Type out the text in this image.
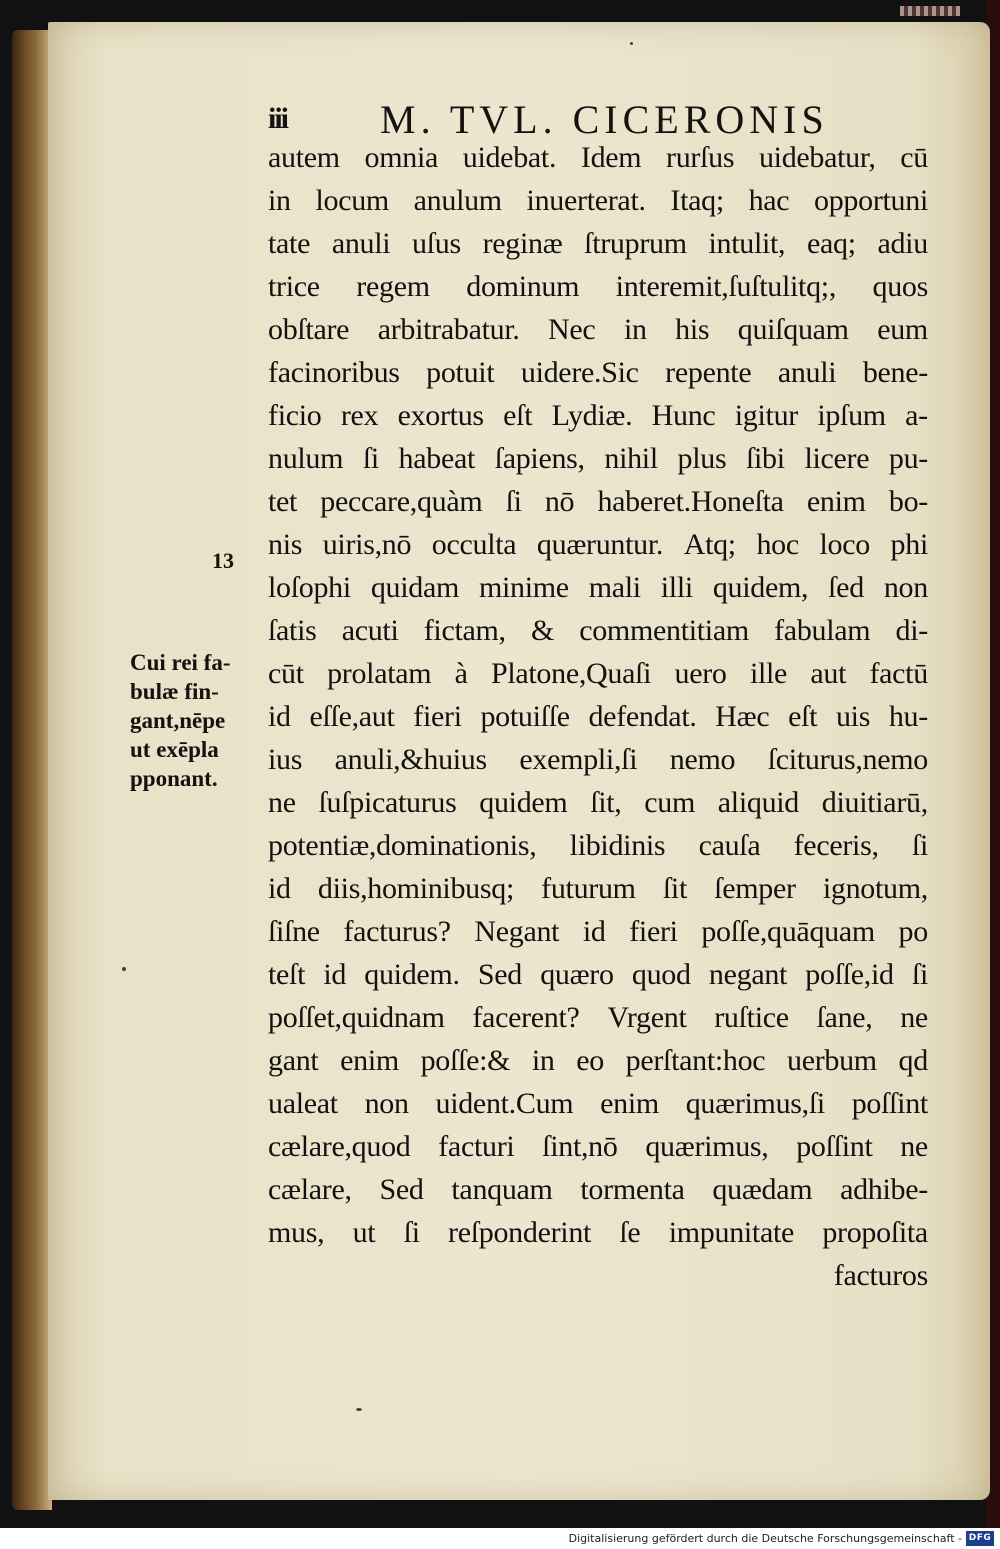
iii M. TVL. CICERONIS
13
Cui rei fa-
bulæ fin-
gant,nēpe
ut exēpla
pponant.
autem omnia uidebat. Idem rurſus uidebatur, cū
in locum anulum inuerterat. Itaq; hac opportuni
tate anuli uſus reginæ ſtruprum intulit, eaq; adiu
trice regem dominum interemit,ſuſtulitq;, quos
obſtare arbitrabatur. Nec in his quiſquam eum
facinoribus potuit uidere.Sic repente anuli bene-
ficio rex exortus eſt Lydiæ. Hunc igitur ipſum a-
nulum ſi habeat ſapiens, nihil plus ſibi licere pu-
tet peccare,quàm ſi nō haberet.Honeſta enim bo-
nis uiris,nō occulta quæruntur. Atq; hoc loco phi
loſophi quidam minime mali illi quidem, ſed non
ſatis acuti fictam, & commentitiam fabulam di-
cūt prolatam à Platone,Quaſi uero ille aut factū
id eſſe,aut fieri potuiſſe defendat. Hæc eſt uis hu-
ius anuli,&huius exempli,ſi nemo ſciturus,nemo
ne ſuſpicaturus quidem ſit, cum aliquid diuitiarū,
potentiæ,dominationis, libidinis cauſa feceris, ſi
id diis,hominibusq; futurum ſit ſemper ignotum,
ſiſne facturus? Negant id fieri poſſe,quāquam po
teſt id quidem. Sed quæro quod negant poſſe,id ſi
poſſet,quidnam facerent? Vrgent ruſtice ſane, ne
gant enim poſſe:& in eo perſtant:hoc uerbum qd
ualeat non uident.Cum enim quærimus,ſi poſſint
cælare,quod facturi ſint,nō quærimus, poſſint ne
cælare, Sed tanquam tormenta quædam adhibe-
mus, ut ſi reſponderint ſe impunitate propoſita
facturos
Digitalisierung gefördert durch die Deutsche Forschungsgemeinschaft - DFG
